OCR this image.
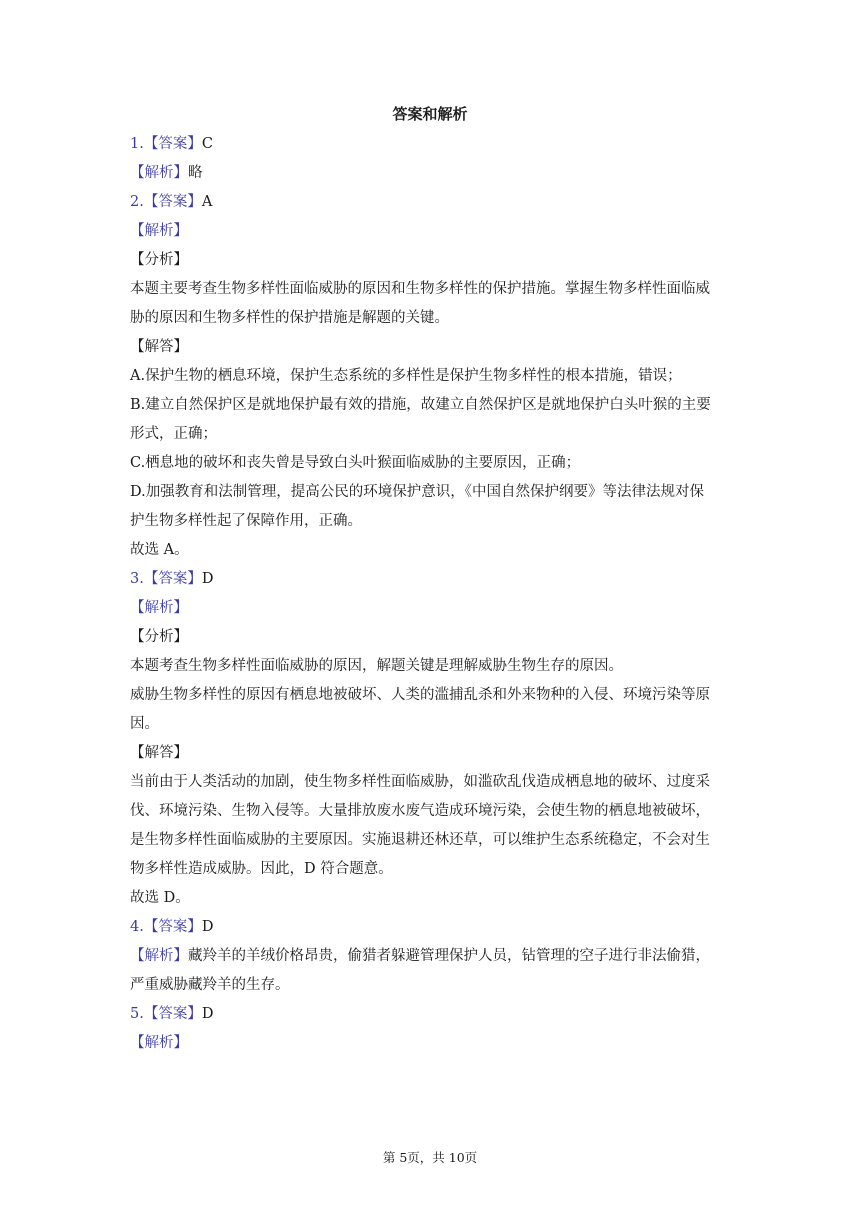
答案和解析
1.【答案】C
【解析】略
2.【答案】A
【解析】
【分析】
本题主要考查生物多样性面临威胁的原因和生物多样性的保护措施。掌握生物多样性面临威
胁的原因和生物多样性的保护措施是解题的关键。
【解答】
A.保护生物的栖息环境，保护生态系统的多样性是保护生物多样性的根本措施，错误；
B.建立自然保护区是就地保护最有效的措施，故建立自然保护区是就地保护白头叶猴的主要
形式，正确；
C.栖息地的破坏和丧失曾是导致白头叶猴面临威胁的主要原因，正确；
D.加强教育和法制管理，提高公民的环境保护意识，《中国自然保护纲要》等法律法规对保
护生物多样性起了保障作用，正确。
故选 A。
3.【答案】D
【解析】
【分析】
本题考查生物多样性面临威胁的原因，解题关键是理解威胁生物生存的原因。
威胁生物多样性的原因有栖息地被破坏、人类的滥捕乱杀和外来物种的入侵、环境污染等原
因。
【解答】
当前由于人类活动的加剧，使生物多样性面临威胁，如滥砍乱伐造成栖息地的破坏、过度采
伐、环境污染、生物入侵等。大量排放废水废气造成环境污染，会使生物的栖息地被破坏，
是生物多样性面临威胁的主要原因。实施退耕还林还草，可以维护生态系统稳定，不会对生
物多样性造成威胁。因此，D 符合题意。
故选 D。
4.【答案】D
【解析】藏羚羊的羊绒价格昂贵，偷猎者躲避管理保护人员，钻管理的空子进行非法偷猎，
严重威胁藏羚羊的生存。
5.【答案】D
【解析】
第 5页，共 10页
